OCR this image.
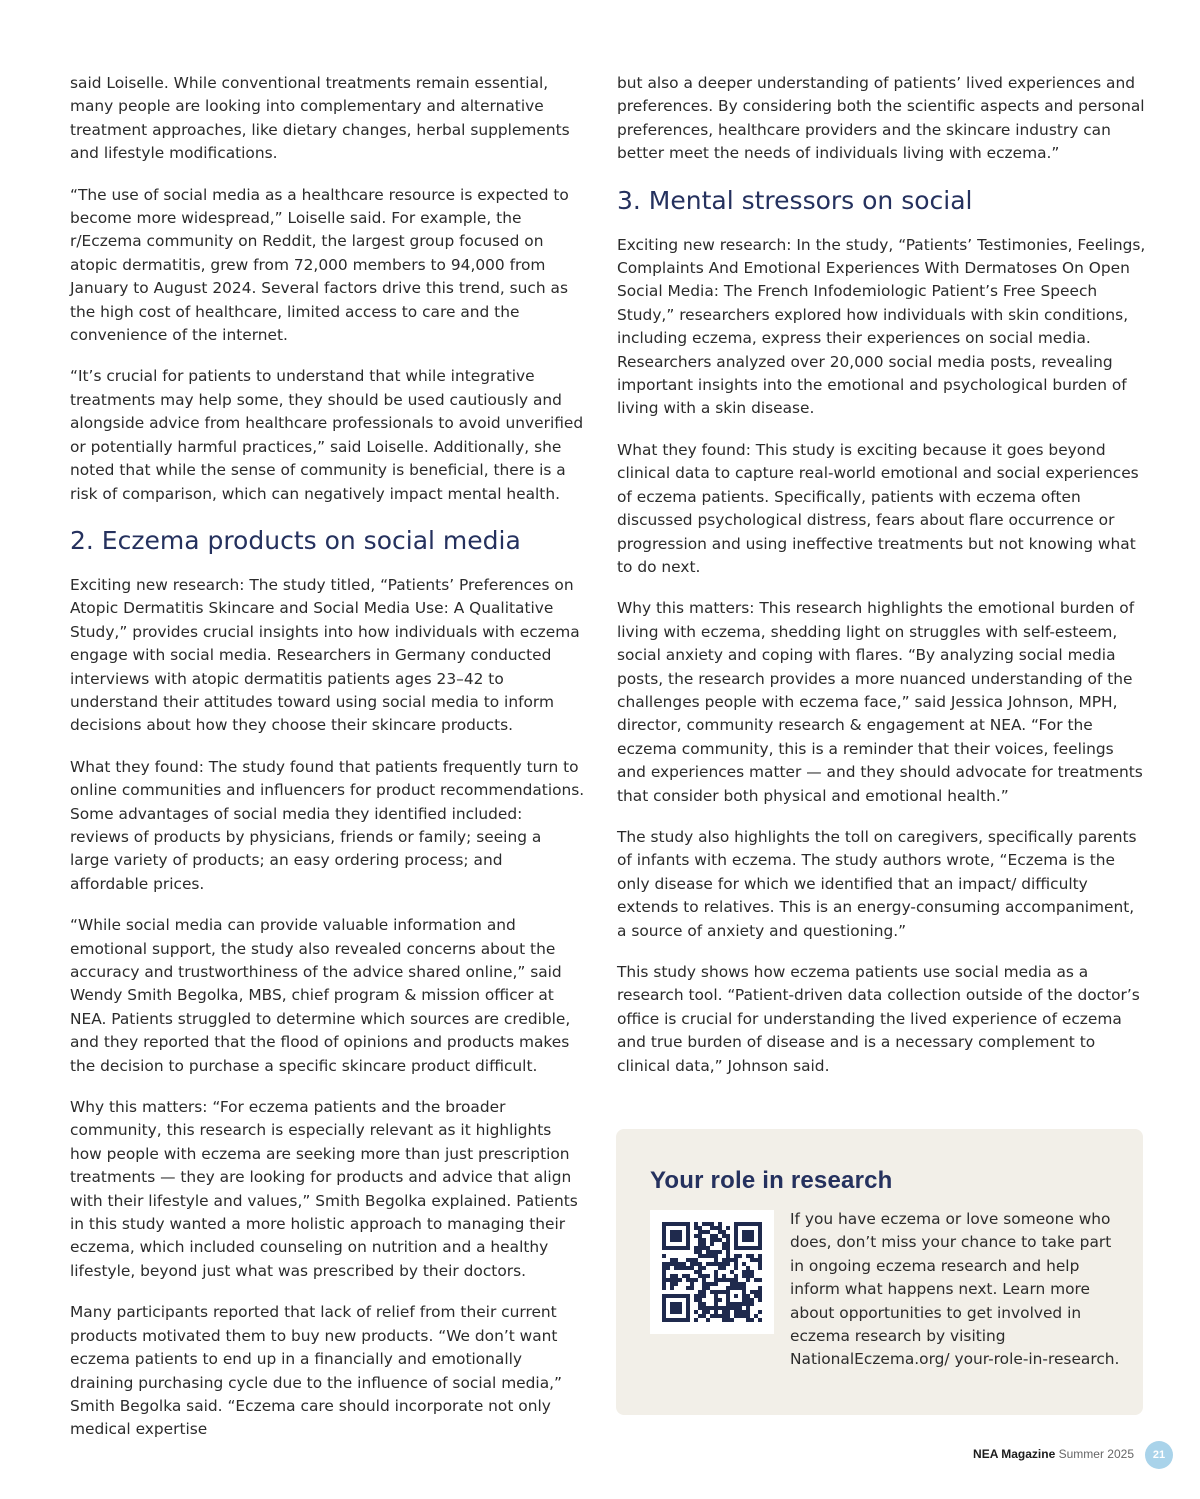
said Loiselle. While conventional treatments remain essential, many people are looking into complementary and alternative treatment approaches, like dietary changes, herbal supplements and lifestyle modifications.

“The use of social media as a healthcare resource is expected to become more widespread,” Loiselle said. For example, the r/Eczema community on Reddit, the largest group focused on atopic dermatitis, grew from 72,000 members to 94,000 from January to August 2024. Several factors drive this trend, such as the high cost of healthcare, limited access to care and the convenience of the internet.

“It’s crucial for patients to understand that while integrative treatments may help some, they should be used cautiously and alongside advice from healthcare professionals to avoid unverified or potentially harmful practices,” said Loiselle. Additionally, she noted that while the sense of community is beneficial, there is a risk of comparison, which can negatively impact mental health.

2. Eczema products on social media

Exciting new research: The study titled, “Patients’ Preferences on Atopic Dermatitis Skincare and Social Media Use: A Qualitative Study,” provides crucial insights into how individuals with eczema engage with social media. Researchers in Germany conducted interviews with atopic dermatitis patients ages 23–42 to understand their attitudes toward using social media to inform decisions about how they choose their skincare products.

What they found: The study found that patients frequently turn to online communities and influencers for product recommendations. Some advantages of social media they identified included: reviews of products by physicians, friends or family; seeing a large variety of products; an easy ordering process; and affordable prices.

“While social media can provide valuable information and emotional support, the study also revealed concerns about the accuracy and trustworthiness of the advice shared online,” said Wendy Smith Begolka, MBS, chief program & mission officer at NEA. Patients struggled to determine which sources are credible, and they reported that the flood of opinions and products makes the decision to purchase a specific skincare product difficult.

Why this matters: “For eczema patients and the broader community, this research is especially relevant as it highlights how people with eczema are seeking more than just prescription treatments — they are looking for products and advice that align with their lifestyle and values,” Smith Begolka explained. Patients in this study wanted a more holistic approach to managing their eczema, which included counseling on nutrition and a healthy lifestyle, beyond just what was prescribed by their doctors.

Many participants reported that lack of relief from their current products motivated them to buy new products. “We don’t want eczema patients to end up in a financially and emotionally draining purchasing cycle due to the influence of social media,” Smith Begolka said. “Eczema care should incorporate not only medical expertise

but also a deeper understanding of patients’ lived experiences and preferences. By considering both the scientific aspects and personal preferences, healthcare providers and the skincare industry can better meet the needs of individuals living with eczema.”

3. Mental stressors on social

Exciting new research: In the study, “Patients’ Testimonies, Feelings, Complaints And Emotional Experiences With Dermatoses On Open Social Media: The French Infodemiologic Patient’s Free Speech Study,” researchers explored how individuals with skin conditions, including eczema, express their experiences on social media. Researchers analyzed over 20,000 social media posts, revealing important insights into the emotional and psychological burden of living with a skin disease.

What they found: This study is exciting because it goes beyond clinical data to capture real-world emotional and social experiences of eczema patients. Specifically, patients with eczema often discussed psychological distress, fears about flare occurrence or progression and using ineffective treatments but not knowing what to do next.

Why this matters: This research highlights the emotional burden of living with eczema, shedding light on struggles with self-esteem, social anxiety and coping with flares. “By analyzing social media posts, the research provides a more nuanced understanding of the challenges people with eczema face,” said Jessica Johnson, MPH, director, community research & engagement at NEA. “For the eczema community, this is a reminder that their voices, feelings and experiences matter — and they should advocate for treatments that consider both physical and emotional health.”

The study also highlights the toll on caregivers, specifically parents of infants with eczema. The study authors wrote, “Eczema is the only disease for which we identified that an impact/ difficulty extends to relatives. This is an energy-consuming accompaniment, a source of anxiety and questioning.”

This study shows how eczema patients use social media as a research tool. “Patient-driven data collection outside of the doctor’s office is crucial for understanding the lived experience of eczema and true burden of disease and is a necessary complement to clinical data,” Johnson said.

Your role in research

If you have eczema or love someone who does, don’t miss your chance to take part in ongoing eczema research and help inform what happens next. Learn more about opportunities to get involved in eczema research by visiting NationalEczema.org/ your-role-in-research.

NEA Magazine Summer 2025	21
